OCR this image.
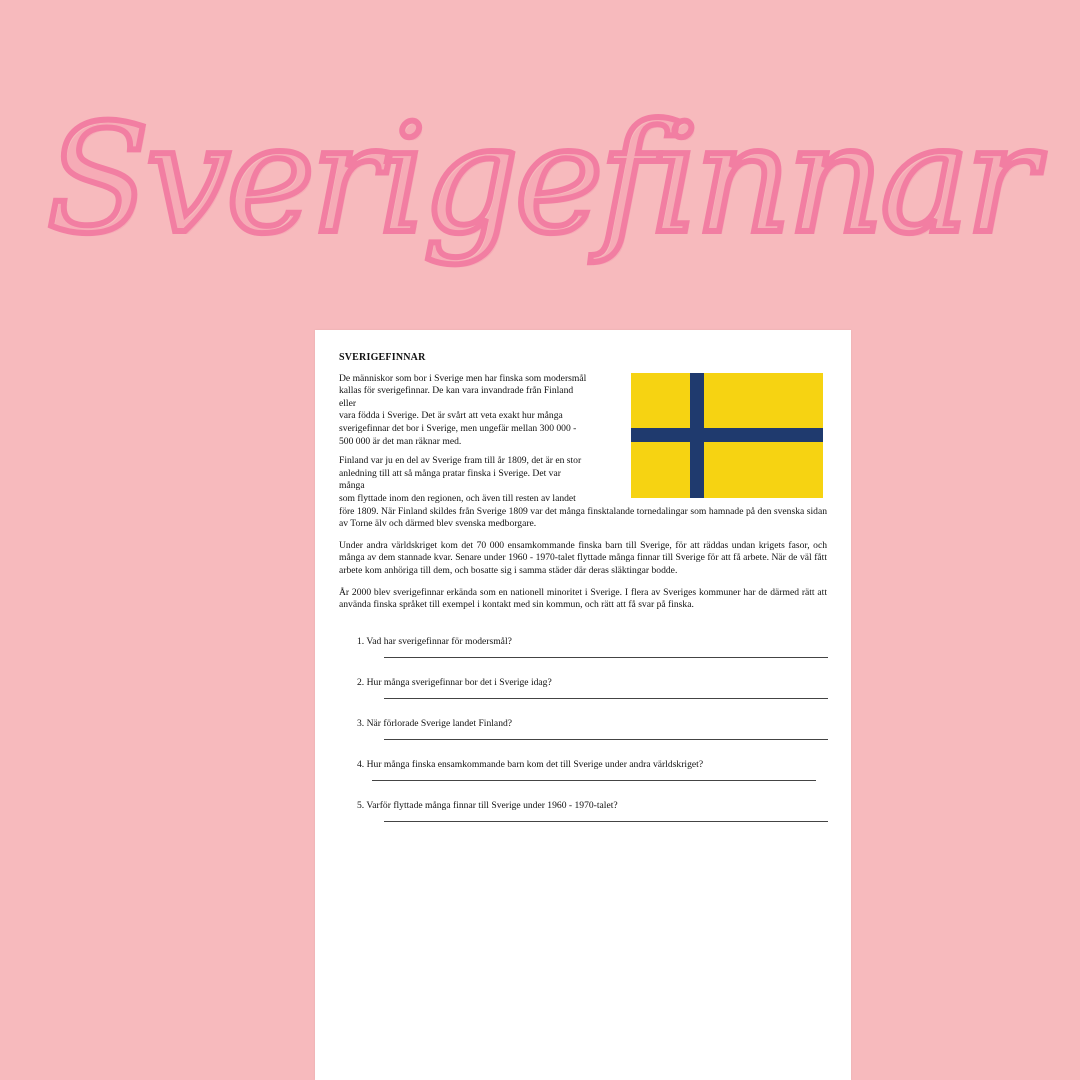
Sverigefinnar
SVERIGEFINNAR
De människor som bor i Sverige men har finska som modersmål
kallas för sverigefinnar. De kan vara invandrade från Finland
eller
vara födda i Sverige. Det är svårt att veta exakt hur många
sverigefinnar det bor i Sverige, men ungefär mellan 300 000 -
500 000 är det man räknar med.
Finland var ju en del av Sverige fram till år 1809, det är en stor
anledning till att så många pratar finska i Sverige. Det var
många
som flyttade inom den regionen, och även till resten av landet
före 1809. När Finland skildes från Sverige 1809 var det många finsktalande tornedalingar som hamnade på den svenska sidan av Torne älv och därmed blev svenska medborgare.
Under andra världskriget kom det 70 000 ensamkommande finska barn till Sverige, för att räddas undan krigets fasor, och många av dem stannade kvar. Senare under 1960 - 1970-talet flyttade många finnar till Sverige för att få arbete. När de väl fått arbete kom anhöriga till dem, och bosatte sig i samma städer där deras släktingar bodde.
År 2000 blev sverigefinnar erkända som en nationell minoritet i Sverige. I flera av Sveriges kommuner har de därmed rätt att använda finska språket till exempel i kontakt med sin kommun, och rätt att få svar på finska.
1. Vad har sverigefinnar för modersmål?
2. Hur många sverigefinnar bor det i Sverige idag?
3. När förlorade Sverige landet Finland?
4. Hur många finska ensamkommande barn kom det till Sverige under andra världskriget?
5. Varför flyttade många finnar till Sverige under 1960 - 1970-talet?
